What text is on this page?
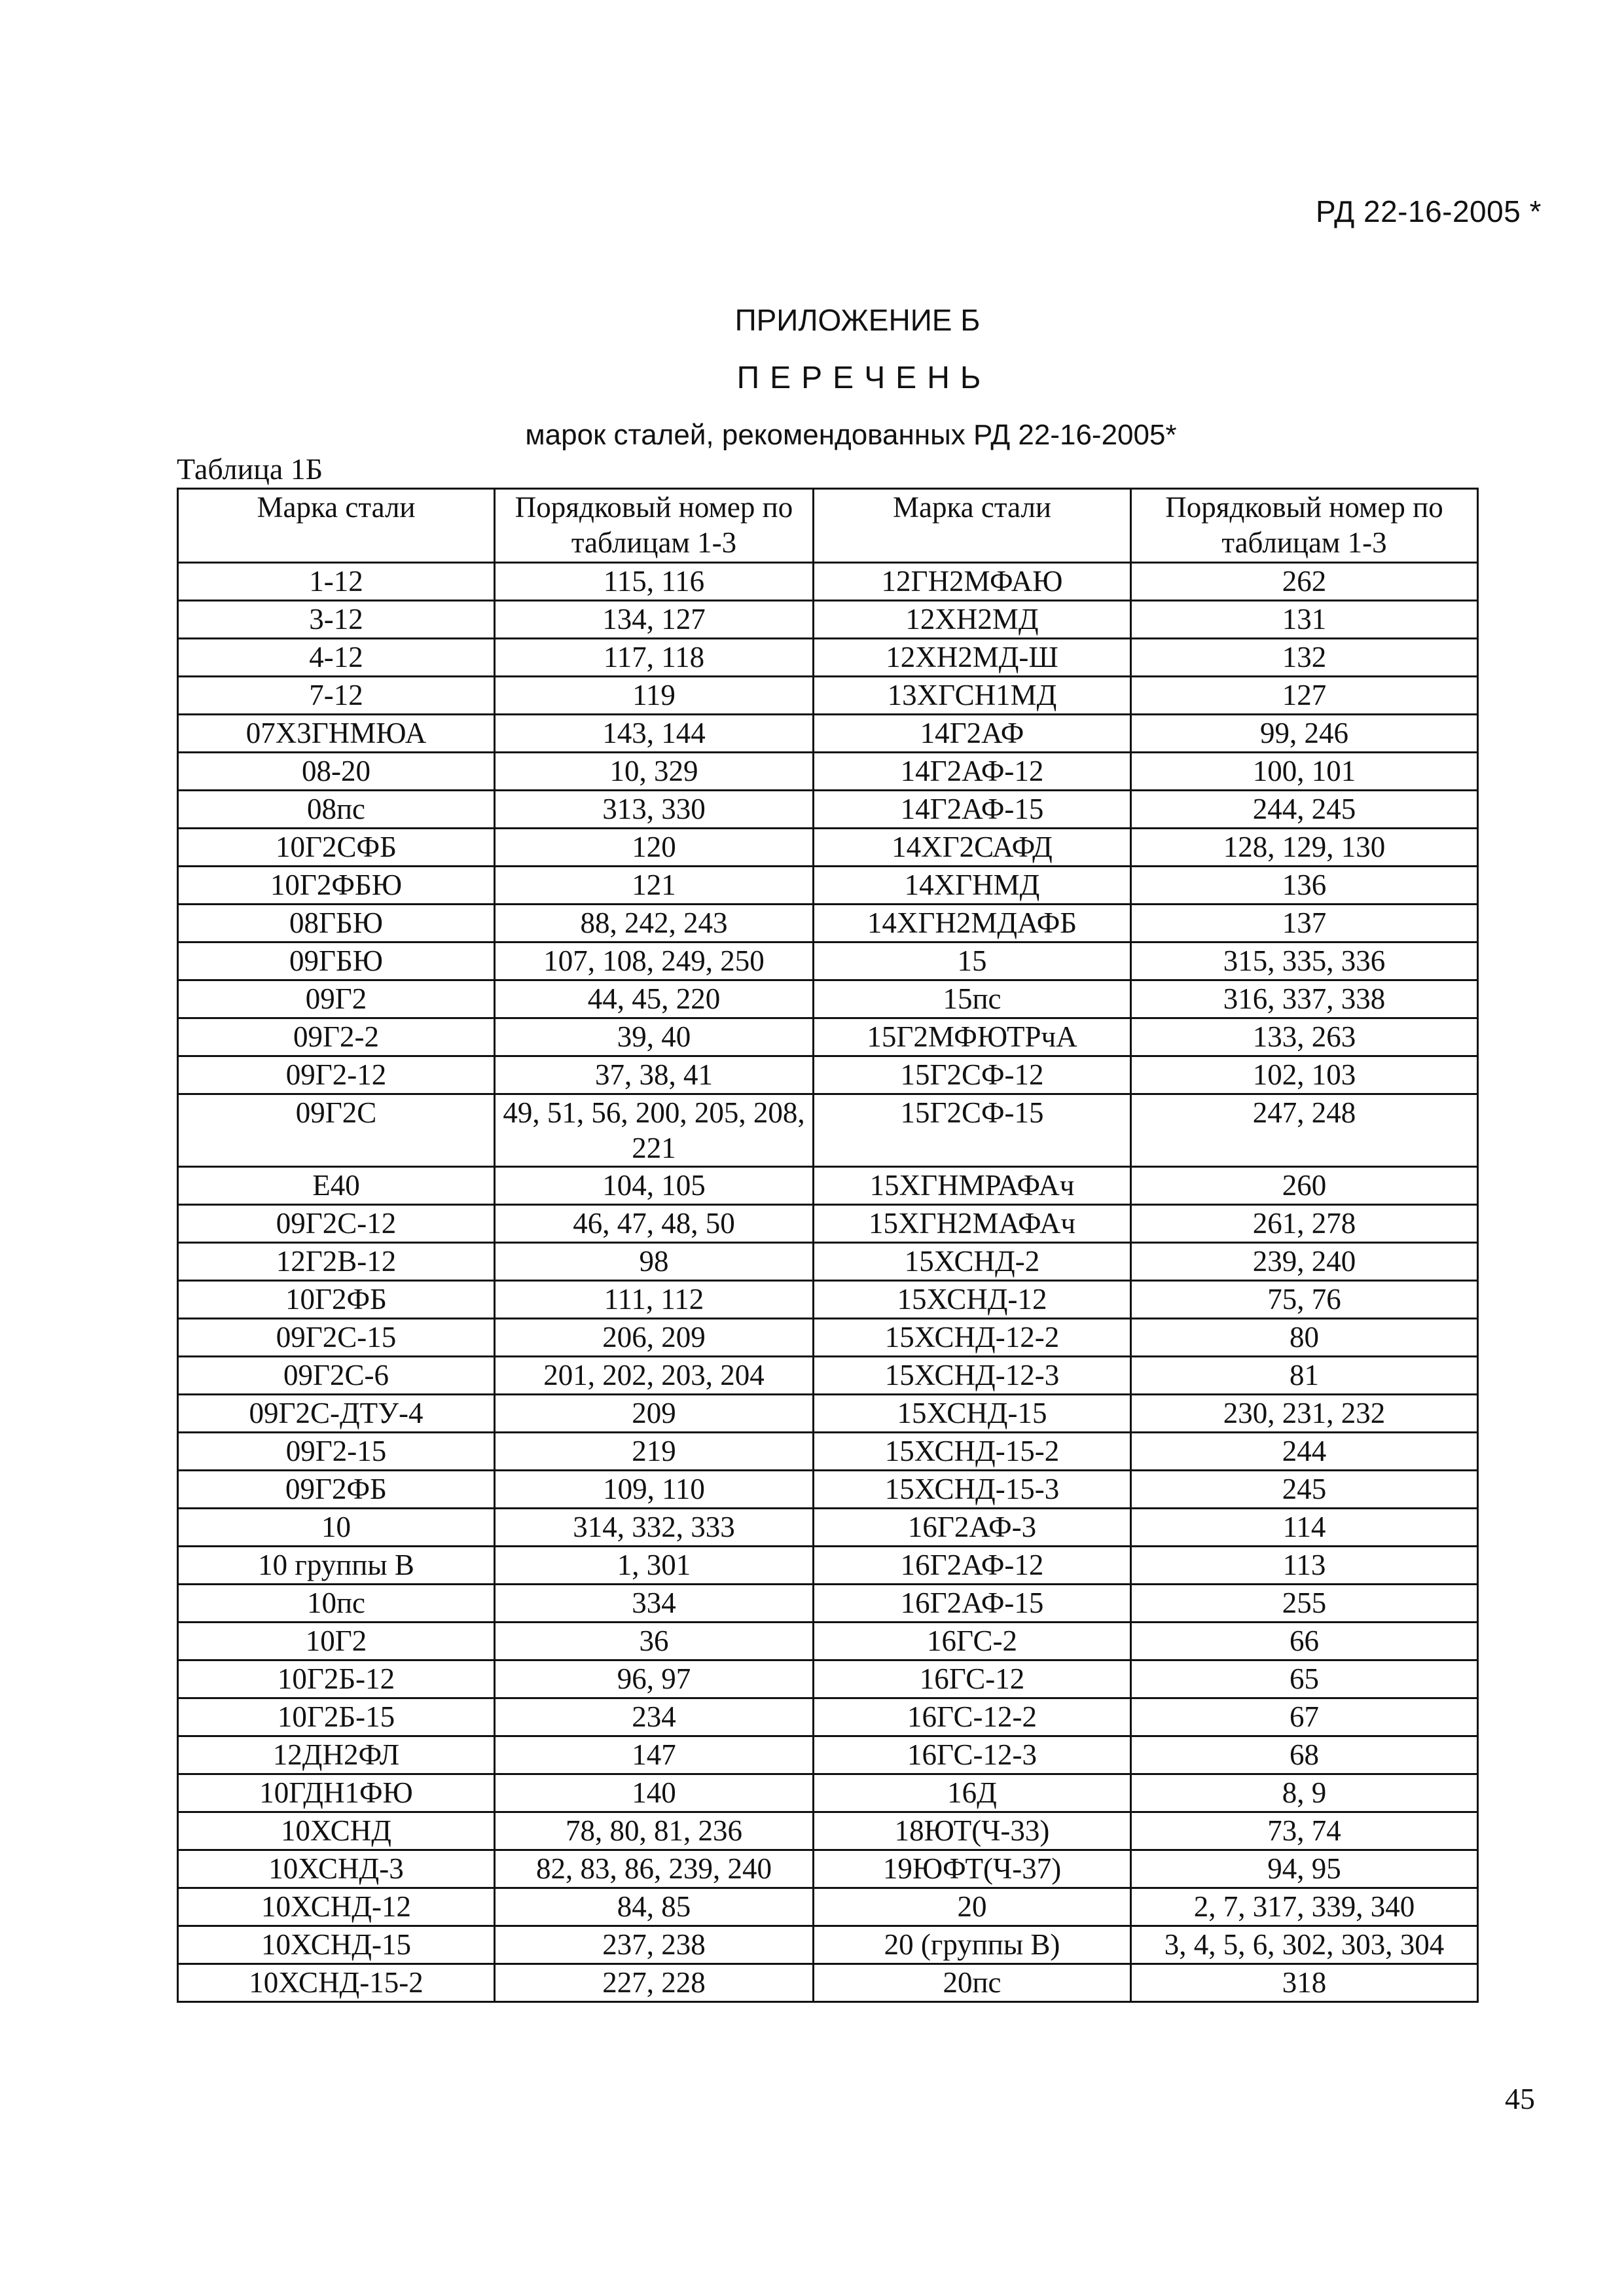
РД 22-16-2005 *
ПРИЛОЖЕНИЕ Б
ПЕРЕЧЕНЬ
марок сталей, рекомендованных РД 22-16-2005*
Таблица 1Б
Марка стали	Порядковый номер по таблицам 1-3	Марка стали	Порядковый номер по таблицам 1-3
1-12	115, 116	12ГН2МФАЮ	262
3-12	134, 127	12ХН2МД	131
4-12	117, 118	12ХН2МД-Ш	132
7-12	119	13ХГСН1МД	127
07Х3ГНМЮА	143, 144	14Г2АФ	99, 246
08-20	10, 329	14Г2АФ-12	100, 101
08пс	313, 330	14Г2АФ-15	244, 245
10Г2СФБ	120	14ХГ2САФД	128, 129, 130
10Г2ФБЮ	121	14ХГНМД	136
08ГБЮ	88, 242, 243	14ХГН2МДАФБ	137
09ГБЮ	107, 108, 249, 250	15	315, 335, 336
09Г2	44, 45, 220	15пс	316, 337, 338
09Г2-2	39, 40	15Г2МФЮТРчА	133, 263
09Г2-12	37, 38, 41	15Г2СФ-12	102, 103
09Г2С	49, 51, 56, 200, 205, 208, 221	15Г2СФ-15	247, 248
Е40	104, 105	15ХГНМРАФАч	260
09Г2С-12	46, 47, 48, 50	15ХГН2МАФАч	261, 278
12Г2В-12	98	15ХСНД-2	239, 240
10Г2ФБ	111, 112	15ХСНД-12	75, 76
09Г2С-15	206, 209	15ХСНД-12-2	80
09Г2С-6	201, 202, 203, 204	15ХСНД-12-3	81
09Г2С-ДТУ-4	209	15ХСНД-15	230, 231, 232
09Г2-15	219	15ХСНД-15-2	244
09Г2ФБ	109, 110	15ХСНД-15-3	245
10	314, 332, 333	16Г2АФ-3	114
10 группы В	1, 301	16Г2АФ-12	113
10пс	334	16Г2АФ-15	255
10Г2	36	16ГС-2	66
10Г2Б-12	96, 97	16ГС-12	65
10Г2Б-15	234	16ГС-12-2	67
12ДН2ФЛ	147	16ГС-12-3	68
10ГДН1ФЮ	140	16Д	8, 9
10ХСНД	78, 80, 81, 236	18ЮТ(Ч-33)	73, 74
10ХСНД-3	82, 83, 86, 239, 240	19ЮФТ(Ч-37)	94, 95
10ХСНД-12	84, 85	20	2, 7, 317, 339, 340
10ХСНД-15	237, 238	20 (группы В)	3, 4, 5, 6, 302, 303, 304
10ХСНД-15-2	227, 228	20пс	318
45
